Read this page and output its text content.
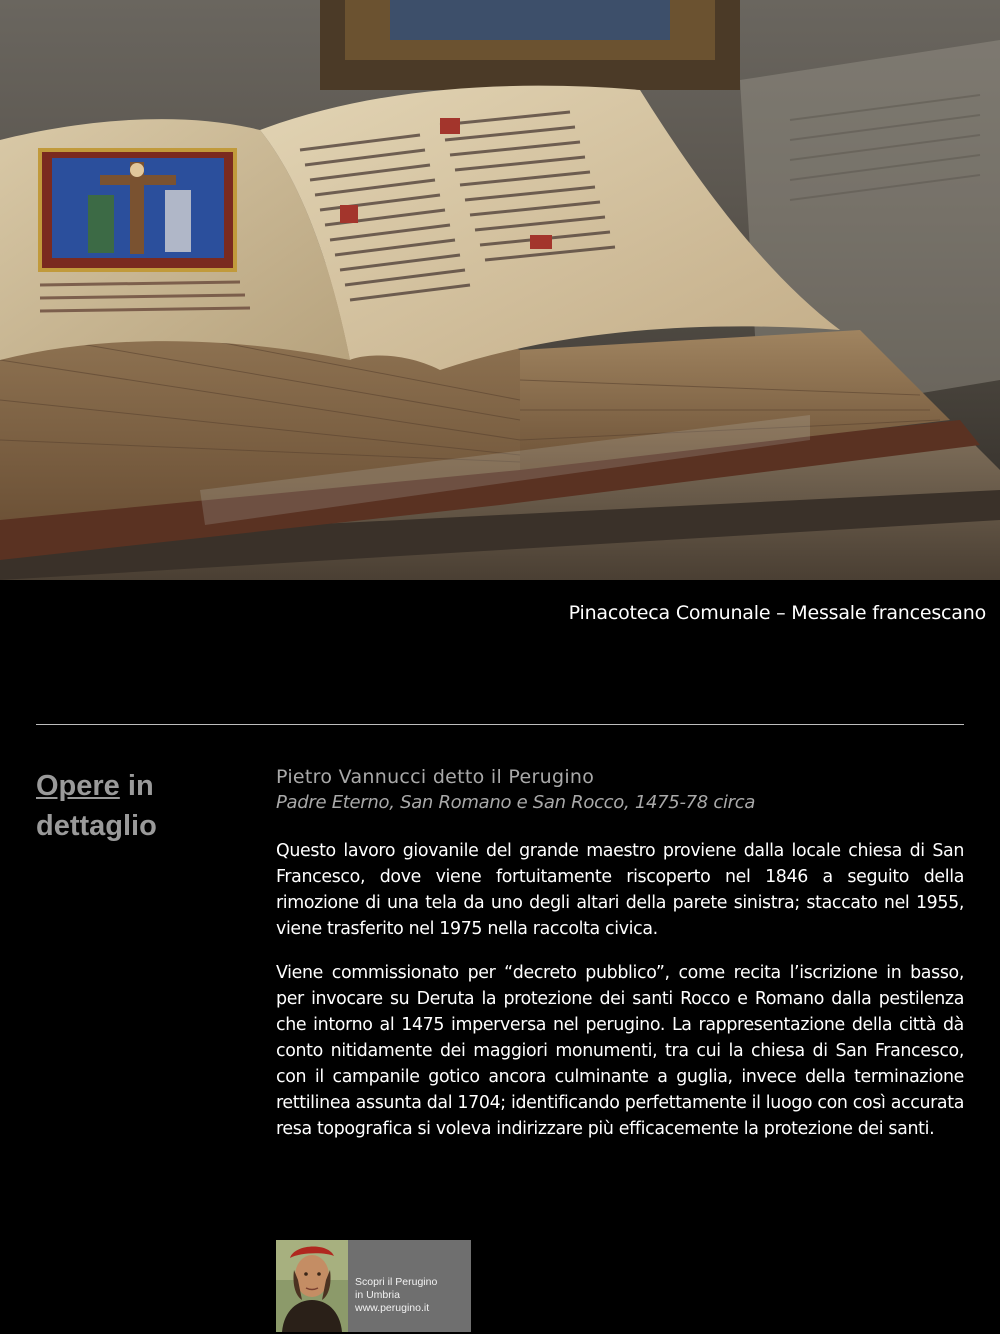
Pinacoteca Comunale – Messale francescano
Opere in
dettaglio
Pietro Vannucci detto il Perugino
Padre Eterno, San Romano e San Rocco, 1475-78 circa

Questo lavoro giovanile del grande maestro proviene dalla locale chiesa di San Francesco, dove viene fortuitamente riscoperto nel 1846 a seguito della rimozione di una tela da uno degli altari della parete sinistra; staccato nel 1955, viene trasferito nel 1975 nella raccolta civica.

Viene commissionato per “decreto pubblico”, come recita l’iscrizione in basso, per invocare su Deruta la protezione dei santi Rocco e Romano dalla pestilenza che intorno al 1475 imperversa nel perugino. La rappresentazione della città dà conto nitidamente dei maggiori monumenti, tra cui la chiesa di San Francesco, con il campanile gotico ancora culminante a guglia, invece della terminazione rettilinea assunta dal 1704; identificando perfettamente il luogo con così accurata resa topografica si voleva indirizzare più efficacemente la protezione dei santi.

Scopri il Perugino
in Umbria
www.perugino.it
